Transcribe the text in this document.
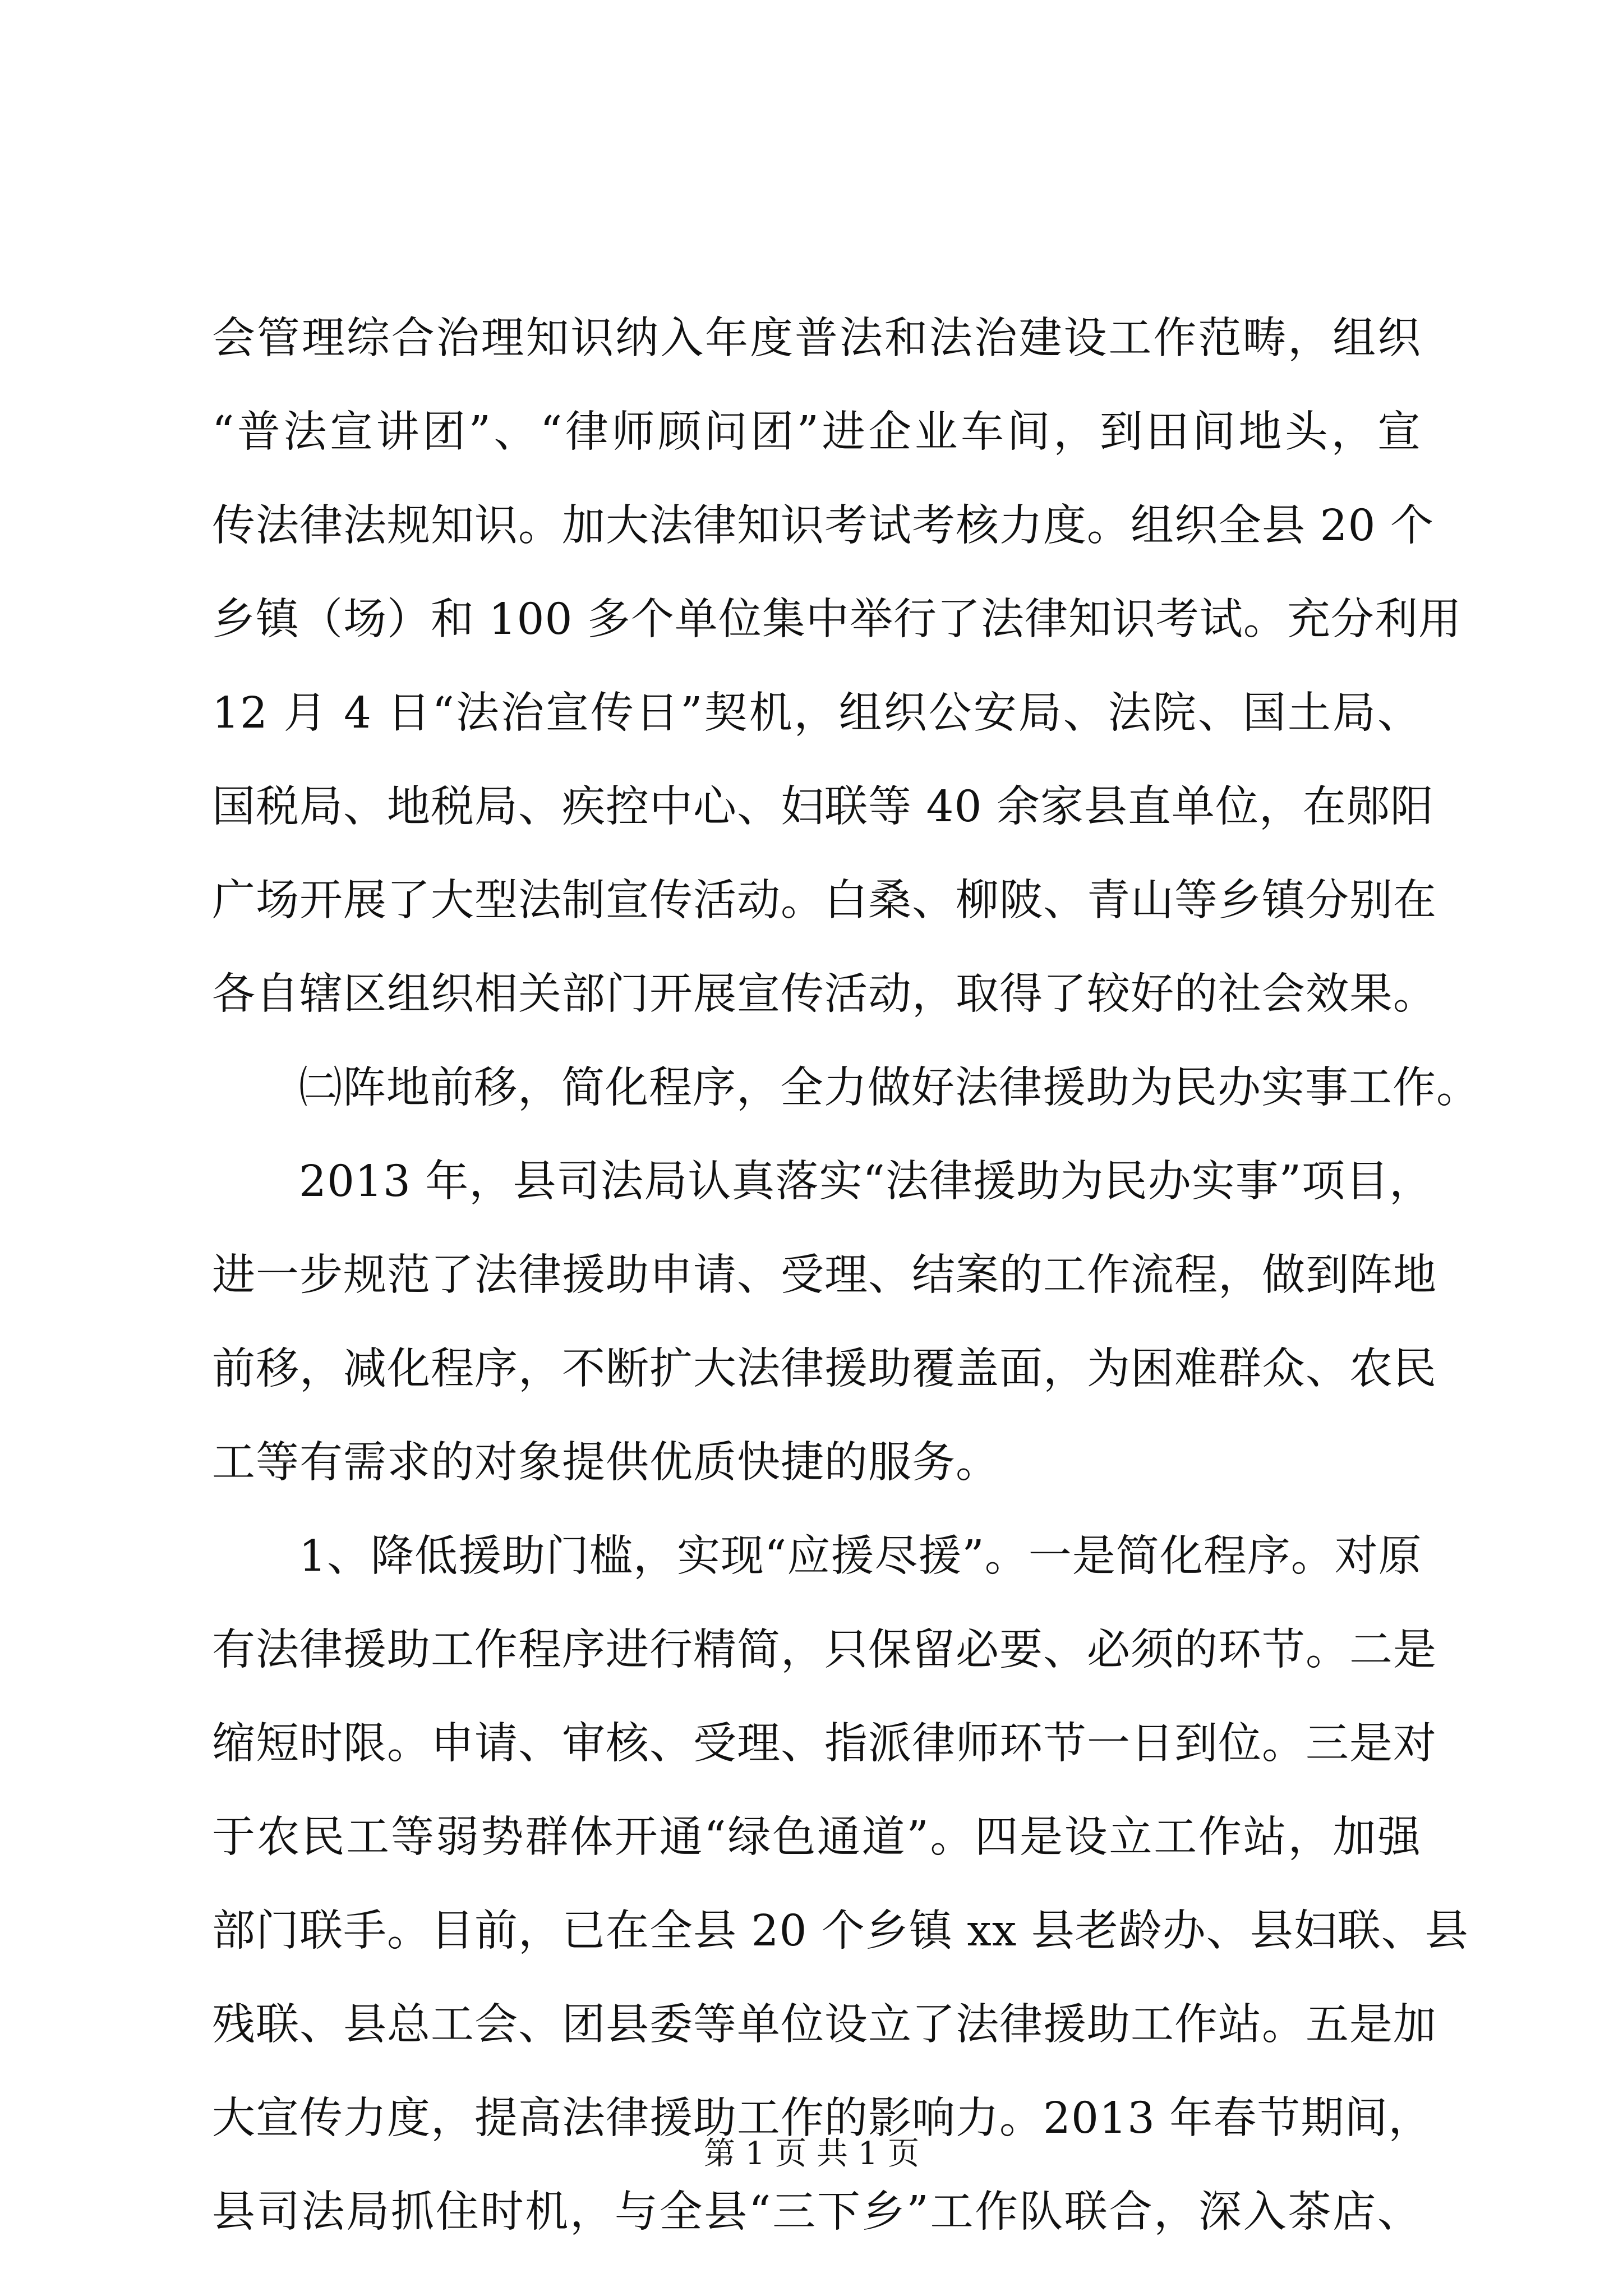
会管理综合治理知识纳入年度普法和法治建设工作范畴，组织
“普法宣讲团”、“律师顾问团”进企业车间，到田间地头，宣
传法律法规知识。加大法律知识考试考核力度。组织全县 20 个
乡镇（场）和 100 多个单位集中举行了法律知识考试。充分利用
12 月 4 日“法治宣传日”契机，组织公安局、法院、国土局、
国税局、地税局、疾控中心、妇联等 40 余家县直单位，在郧阳
广场开展了大型法制宣传活动。白桑、柳陂、青山等乡镇分别在
各自辖区组织相关部门开展宣传活动，取得了较好的社会效果。
㈡阵地前移，简化程序，全力做好法律援助为民办实事工作。
2013 年，县司法局认真落实“法律援助为民办实事”项目，
进一步规范了法律援助申请、受理、结案的工作流程，做到阵地
前移，减化程序，不断扩大法律援助覆盖面，为困难群众、农民
工等有需求的对象提供优质快捷的服务。
1、降低援助门槛，实现“应援尽援”。一是简化程序。对原
有法律援助工作程序进行精简，只保留必要、必须的环节。二是
缩短时限。申请、审核、受理、指派律师环节一日到位。三是对
于农民工等弱势群体开通“绿色通道”。四是设立工作站，加强
部门联手。目前，已在全县 20 个乡镇 xx 县老龄办、县妇联、县
残联、县总工会、团县委等单位设立了法律援助工作站。五是加
大宣传力度，提高法律援助工作的影响力。2013 年春节期间，
县司法局抓住时机，与全县“三下乡”工作队联合，深入茶店、
第 1 页 共 1 页
